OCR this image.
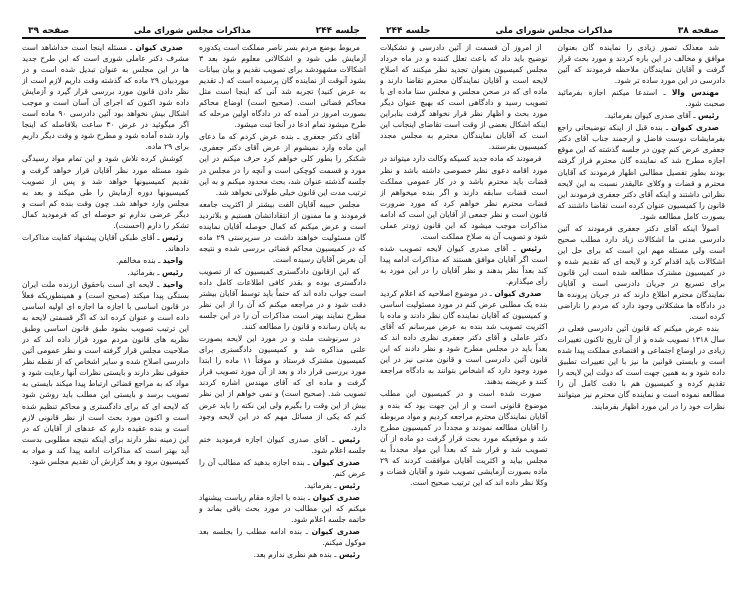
جلسه ۲۴۴
مذاکرات مجلس شورای ملی
صفحه ۳۹

مربوط بوضع مردم بسر ناصر مملکت است یکدوره آزمایش طی شود و اشکالاتی معلوم شود بعد ۳ اشکالات مشهودشد برای تصویب تقدیم و بیان ببیانات بشود آنوقت از نماینده گان پرسیده است که (ـ تقدیم به عرض کنید) تجربه شد آنی که اینجا است مثل محاکم قضائی است. (صحیح است) اوضاع محاکم بصورت امروز در آمده که در دادگاه اولین مرحله که طرح میشود تمام ادعا در آنجا ثبت میشود.

آقای دکتر جعفری ـ بنده عرض کردم که ما دعای این ماده وارد نمیشوم از عرض آقای دکتر جعفری، شکنکر را بطور کلی خواهم کرد حرف میکنم در این مورد و قسمت کوچکی است و آنچه را در مجلس در جلسه گذشته عنوان شد، بحث محدود میکنم و به این ترتیب مدت این قانون خیلی طولانی نخواهد شد.

مجلس حبیبه آقایان الفت بیشتر از اکثریت جامعه فرمودند و ما ممنون از انتقاداتشان هستیم و بلاتردید است و عرض میکنم که کمال حوصله آقایان نماینده گان مسئولیت خواهند داشت در سرپرستی ۲۹ ماده که در کمیسیون محاکم قضائی بررسی شده و نتیجه آن بعرض آقایان رسیده است.

که این ازقانون دادگستری کمیسیون که از تصویب دادگستری بوده و بقدر کافی اطلاعات کامل داده است جواب داده اند که حتماً باید توسط آقایان بیشتر دقت شود و در مراجعه میکنم که آن را از این نظر مطرح نمایند بهتر است مذاکرات آن را در این جلسه به پایان رسانده و قانون را مطالعه کنند.

در سرنوشت ملت و در مورد این لایحه بصورت علنی مذاکره شد و کمیسیون دادگستری برای کمیسیون مشترک فرستاد و موقتاً ۱۱ ماده را ابتدا مورد بررسی قرار داد و بعد از آن مورد تصویب قرار گرفت و ماده ای که آقای مهندس اشاره کردند تصویب شد. (صحیح است) و نمی خواهم از این نظر بیش از این وقت را بگیرم ولی این نکته را باید عرض کنم که یکی از مسائل مهم که در این لایحه وجود دارد.

رئیس ـ آقای صدری کیوان اجازه فرمودید ختم جلسه اعلام شود.

صدری کیوان ـ بنده اجازه بدهید که مطالب آن را عرض کنم.

رئیس ـ بفرمائید.

صدری کیوان ـ بنده با اجازه مقام ریاست پیشنهاد میکنم که این مطالب در مورد بحث باقی بماند و خاتمه جلسه اعلام شود.

صدری کیوان ـ بنده ادامه مطلب را بجلسه بعد موکول میکنم.

رئیس ـ بنده هم نظری ندارم بعد.

صدری کیوان ـ مسئله اینجا است خداشاهد است مشرف دکتر عاملی شوری است که این طرح جدید ها در این مجلس به عنوان تبدیل شده است و در موردبیان ۲۹ ماده که گذشته وقت داریم لازم است از نظر دادن قانون مورد بررسی قرار گیرد و آزمایش داده شود اکنون که اجرای آن آسان است و موجب اشکال بیش نخواهد بود آئین دادرسی ۹۰ ماده است اگر میگوئید در عرض ۳۰ ساعت بلافاصله که اینجا وارد شده آماده شود و مطرح شود و وقت دیگر داریم برای ۲۹ ماده.

کوشش کرده تلاش شود و این تمام مواد رسیدگی شود مسئله مورد نظر آقایان قرار خواهد گرفت و تقدیم کمیسیونها خواهد شد و پس از تصویب کمیسیونها دوره آزمایش را طی میکند و بعد به مجلس وارد خواهد شد. چون وقت بنده کم است و دیگر عرضی ندارم تو حوصله ای که فرمودید کمال تشکر را دارم (احسنت).

رئیس ـ آقای طبکی آقایان پیشنهاد کفایت مذاکرات دادهاند.

واحید ـ بنده مخالفم.

رئیس ـ بفرمائید.

واحید ـ لایحه ای است باحقوق ارزنده ملت ایران بستگی پیدا میکند (صحیح است) و همینطوریکه فعلاً در قانون اساسی با اجازه ما اجازه ای اولیه اساسی داده است و عنوان کرده اند که اگر قسمتی لایحه به این ترتیب تصویب بشود طبق قانون اساسی وطبق نظریه های قانون مردم مورد قرار داده اند که در صلاحیت مجلس قرار گرفته است و نظر عمومی آئین دادرسی اصلاح شده و سایر اشخاص که از نقطه نظر حقوقی نظر دارند و بایستی نظرات آنها رعایت شود و مواد که به مراجع قضائی ارتباط پیدا میکند بایستی به تصویب برسد و بایستی این مطلب باید روشن شود که لایحه ای که برای دادگستری و محاکم تنظیم شده است و اکنون مورد بحث است از نظر قانونی لازم است و بنده عقیده دارم که عدهای از آقایان که در این زمینه نظر دارند برای اینکه نتیجه مطلوبی بدست آید بهتر است که مذاکرات ادامه پیدا کند و مواد به کمیسیون برود و بعد گزارش آن تقدیم مجلس شود.

صفحه ۳۸
مذاکرات مجلس شورای ملی
جلسه ۲۴۴

شد معذلک تصور زیادی را نماینده گان بعنوان موافق و مخالف در این باره کردند و مورد بحث قرار گرفت و آقایان نمایندگان ملاحظه فرمودند که آئین دادرسی در این مورد ساده تر شود.

مهندس والا ـ استدعا میکنم اجازه بفرمائید صحبت شود.

رئیس ـ آقای صدری کیوان بفرمائید.

صدری کیوان ـ بنده قبل از اینکه توضیحاتی راجع بفرمایشات دوست فاضل و ارجمند جناب آقای دکتر جعفری عرض کنم چون در جلسه گذشته که این موقع اجازه مطرح شد که نماینده گان محترم فراز گرفته بودند بطور تفصیل مطالبی اظهار فرمودند که آقایان محترم و قضات و وکلای عالیقدر نسبت به این لایحه نظراتی داشتند و اینکه آقای دکتر جعفری فرمودند این قانون را کمیسیون عنوان کرده است تقاضا داشتند که بصورت کامل مطالعه شود.

اصولاً اینکه آقای دکتر جعفری فرمودند که آئین دادرسی مدنی ما اشکالات زیاد دارد مطلب صحیح است ولی مسئله مهم این است که برای حل این اشکالات باید اقدام کرد و لایحه ای که تقدیم شده و در کمیسیون مشترک مطالعه شده است این قانون برای تسریع در جریان دادرسی است و آقایان نمایندگان محترم اطلاع دارند که در جریان پرونده ها در دادگاه ها مشکلاتی وجود دارد که مردم را ناراضی کرده است.

بنده عرض میکنم که قانون آئین دادرسی فعلی در سال ۱۳۱۸ تصویب شده و از آن تاریخ تاکنون تغییرات زیادی در اوضاع اجتماعی و اقتصادی مملکت پیدا شده است و بایستی قوانین ما نیز با این تغییرات تطبیق داده شود و به همین جهت است که دولت این لایحه را تقدیم کرده و کمیسیون هم با دقت کامل آن را مطالعه نموده است و نماینده گان محترم نیز میتوانند نظرات خود را در این مورد اظهار بفرمایند.

از امروز آن قسمت از آئین دادرسی و تشکیلات توضیح باید داد که باعث تعلل کننده و در ماه خرداد مجلس کمیسیون بعنوان تجدید نظر میکنند که اصلاح لایحه است و آقایان نمایندگان محترم تقاضا دارند و ماده ای که در صحن مجلس و مجلس سنا ماده ای با تصویب رسید و دادگاهی است که بهیچ عنوان دیگر مورد بحث و اظهار نظر قرار نخواهد گرفت بنابراین اینکه اشکال بعضی از وقت است تقاضای اینجانب این است که آقایان نمایندگان محترم به مجلس مجدد کمیسیون بفرستند.

فرمودند که ماده جدید کسیکه وکالت دارد میتواند در مورد اقامه دعوی نظر خصوصی داشته باشد و نظر قضات باید محترم باشد و در کار عمومی مملکت است قضات سابقه دارند و اگر بنده میخواهم از قضات محترم نظر خواهم کرد که مورد ضرورت قانون است و نظر جمعی از آقایان این است که ادامه مذاکرات موجب میشود که این قانون زودتر عملی شود و تصویب آن به صلاح مملکت است.

رئیس ـ آقای صدری کیوان لایحه تصویب شده است اگر آقایان موافق هستند که مذاکرات ادامه پیدا کند بعداً نظر بدهند و نظر آقایان را در این مورد به رأی میگذارم.

صدری کیوان ـ در موضوع اصلاحیه که اعلام کردید بنده یک مطلبی عرض کنم در مورد مسئولیت اساسی و کمیسیون که آقایان نماینده گان نظر دادند و ماده با اکثریت تصویب شد بنده به عرض میرسانم که آقای دکتر عاملی و آقای دکتر جعفری نظری داده اند که بعداً باید در مجلس مطرح شود و نظر دادند که این قانون آئین دادرسی است و قانون مدنی نیز در این مورد وجود دارد که اشخاص بتوانند به دادگاه مراجعه کنند و عریضه بدهند.

صورت شده است و در کمیسیون این مطلب موضوع قانونی است و از این جهت بود که بنده و آقایان نمایندگان محترم مراجعه کردیم و مواد مربوطه را آقایان مطالعه نمودند و مجدداً در کمیسیون مطرح شد و موقعیکه مورد بحث قرار گرفت دو ماده از آن تصویب شد و قرار شد که بعداً این مواد مجدداً به مجلس بیاید و اکثریت آقایان موافقت کردند که ۲۹ ماده بصورت آزمایشی تصویب شود و آقایان قضات و وکلا نظر داده اند که این ترتیب صحیح است.
